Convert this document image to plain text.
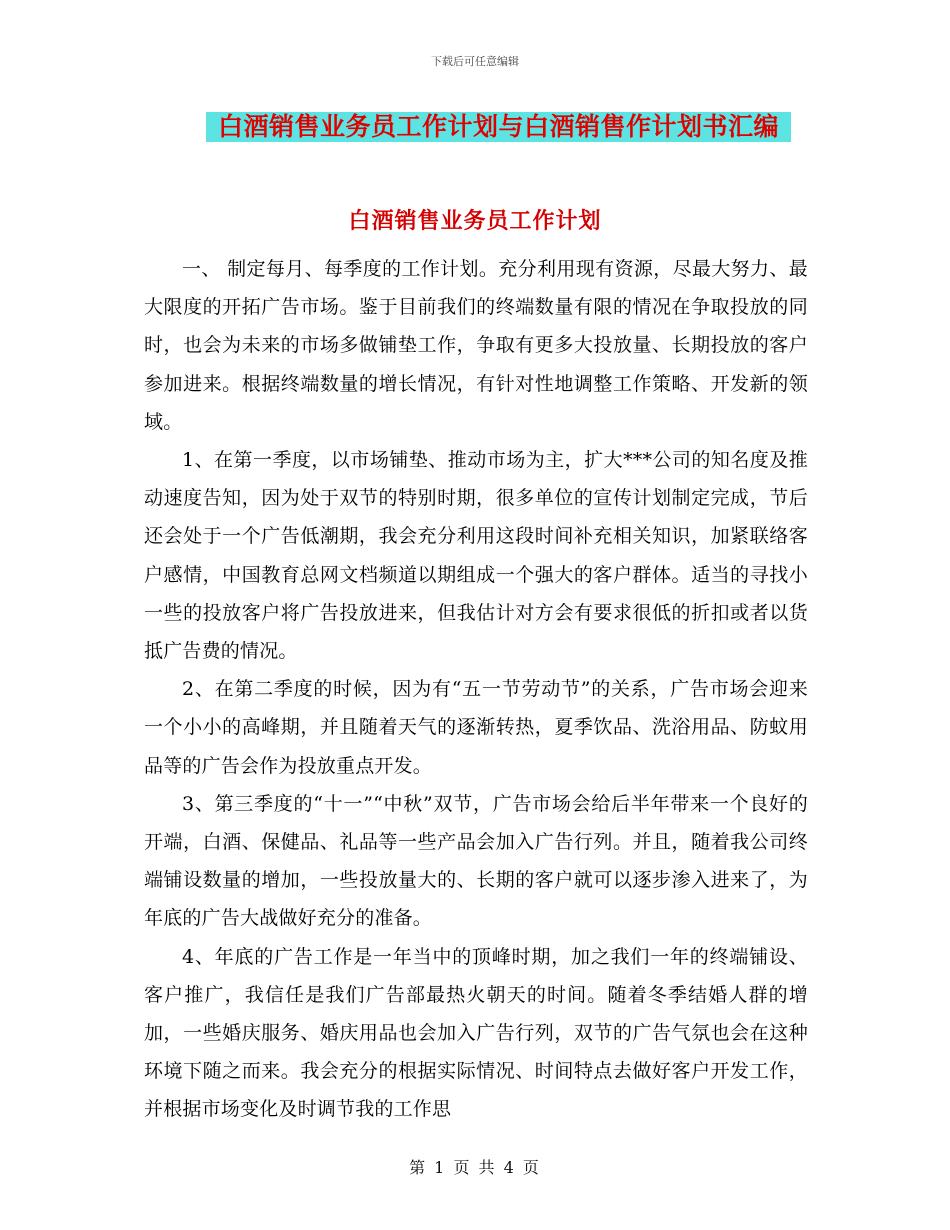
下载后可任意编辑
白酒销售业务员工作计划与白酒销售作计划书汇编
白酒销售业务员工作计划

一、 制定每月、每季度的工作计划。充分利用现有资源，尽最大努力、最大限度的开拓广告市场。鉴于目前我们的终端数量有限的情况在争取投放的同时，也会为未来的市场多做铺垫工作，争取有更多大投放量、长期投放的客户参加进来。根据终端数量的增长情况，有针对性地调整工作策略、开发新的领域。

1、在第一季度，以市场铺垫、推动市场为主，扩大***公司的知名度及推动速度告知，因为处于双节的特别时期，很多单位的宣传计划制定完成，节后还会处于一个广告低潮期，我会充分利用这段时间补充相关知识，加紧联络客户感情，中国教育总网文档频道以期组成一个强大的客户群体。适当的寻找小一些的投放客户将广告投放进来，但我估计对方会有要求很低的折扣或者以货抵广告费的情况。

2、在第二季度的时候，因为有“五一节劳动节”的关系，广告市场会迎来一个小小的高峰期，并且随着天气的逐渐转热，夏季饮品、洗浴用品、防蚊用品等的广告会作为投放重点开发。

3、第三季度的“十一”“中秋”双节，广告市场会给后半年带来一个良好的开端，白酒、保健品、礼品等一些产品会加入广告行列。并且，随着我公司终端铺设数量的增加，一些投放量大的、长期的客户就可以逐步渗入进来了，为年底的广告大战做好充分的准备。

4、年底的广告工作是一年当中的顶峰时期，加之我们一年的终端铺设、客户推广，我信任是我们广告部最热火朝天的时间。随着冬季结婚人群的增加，一些婚庆服务、婚庆用品也会加入广告行列，双节的广告气氛也会在这种环境下随之而来。我会充分的根据实际情况、时间特点去做好客户开发工作，并根据市场变化及时调节我的工作思

第 1 页 共 4 页
